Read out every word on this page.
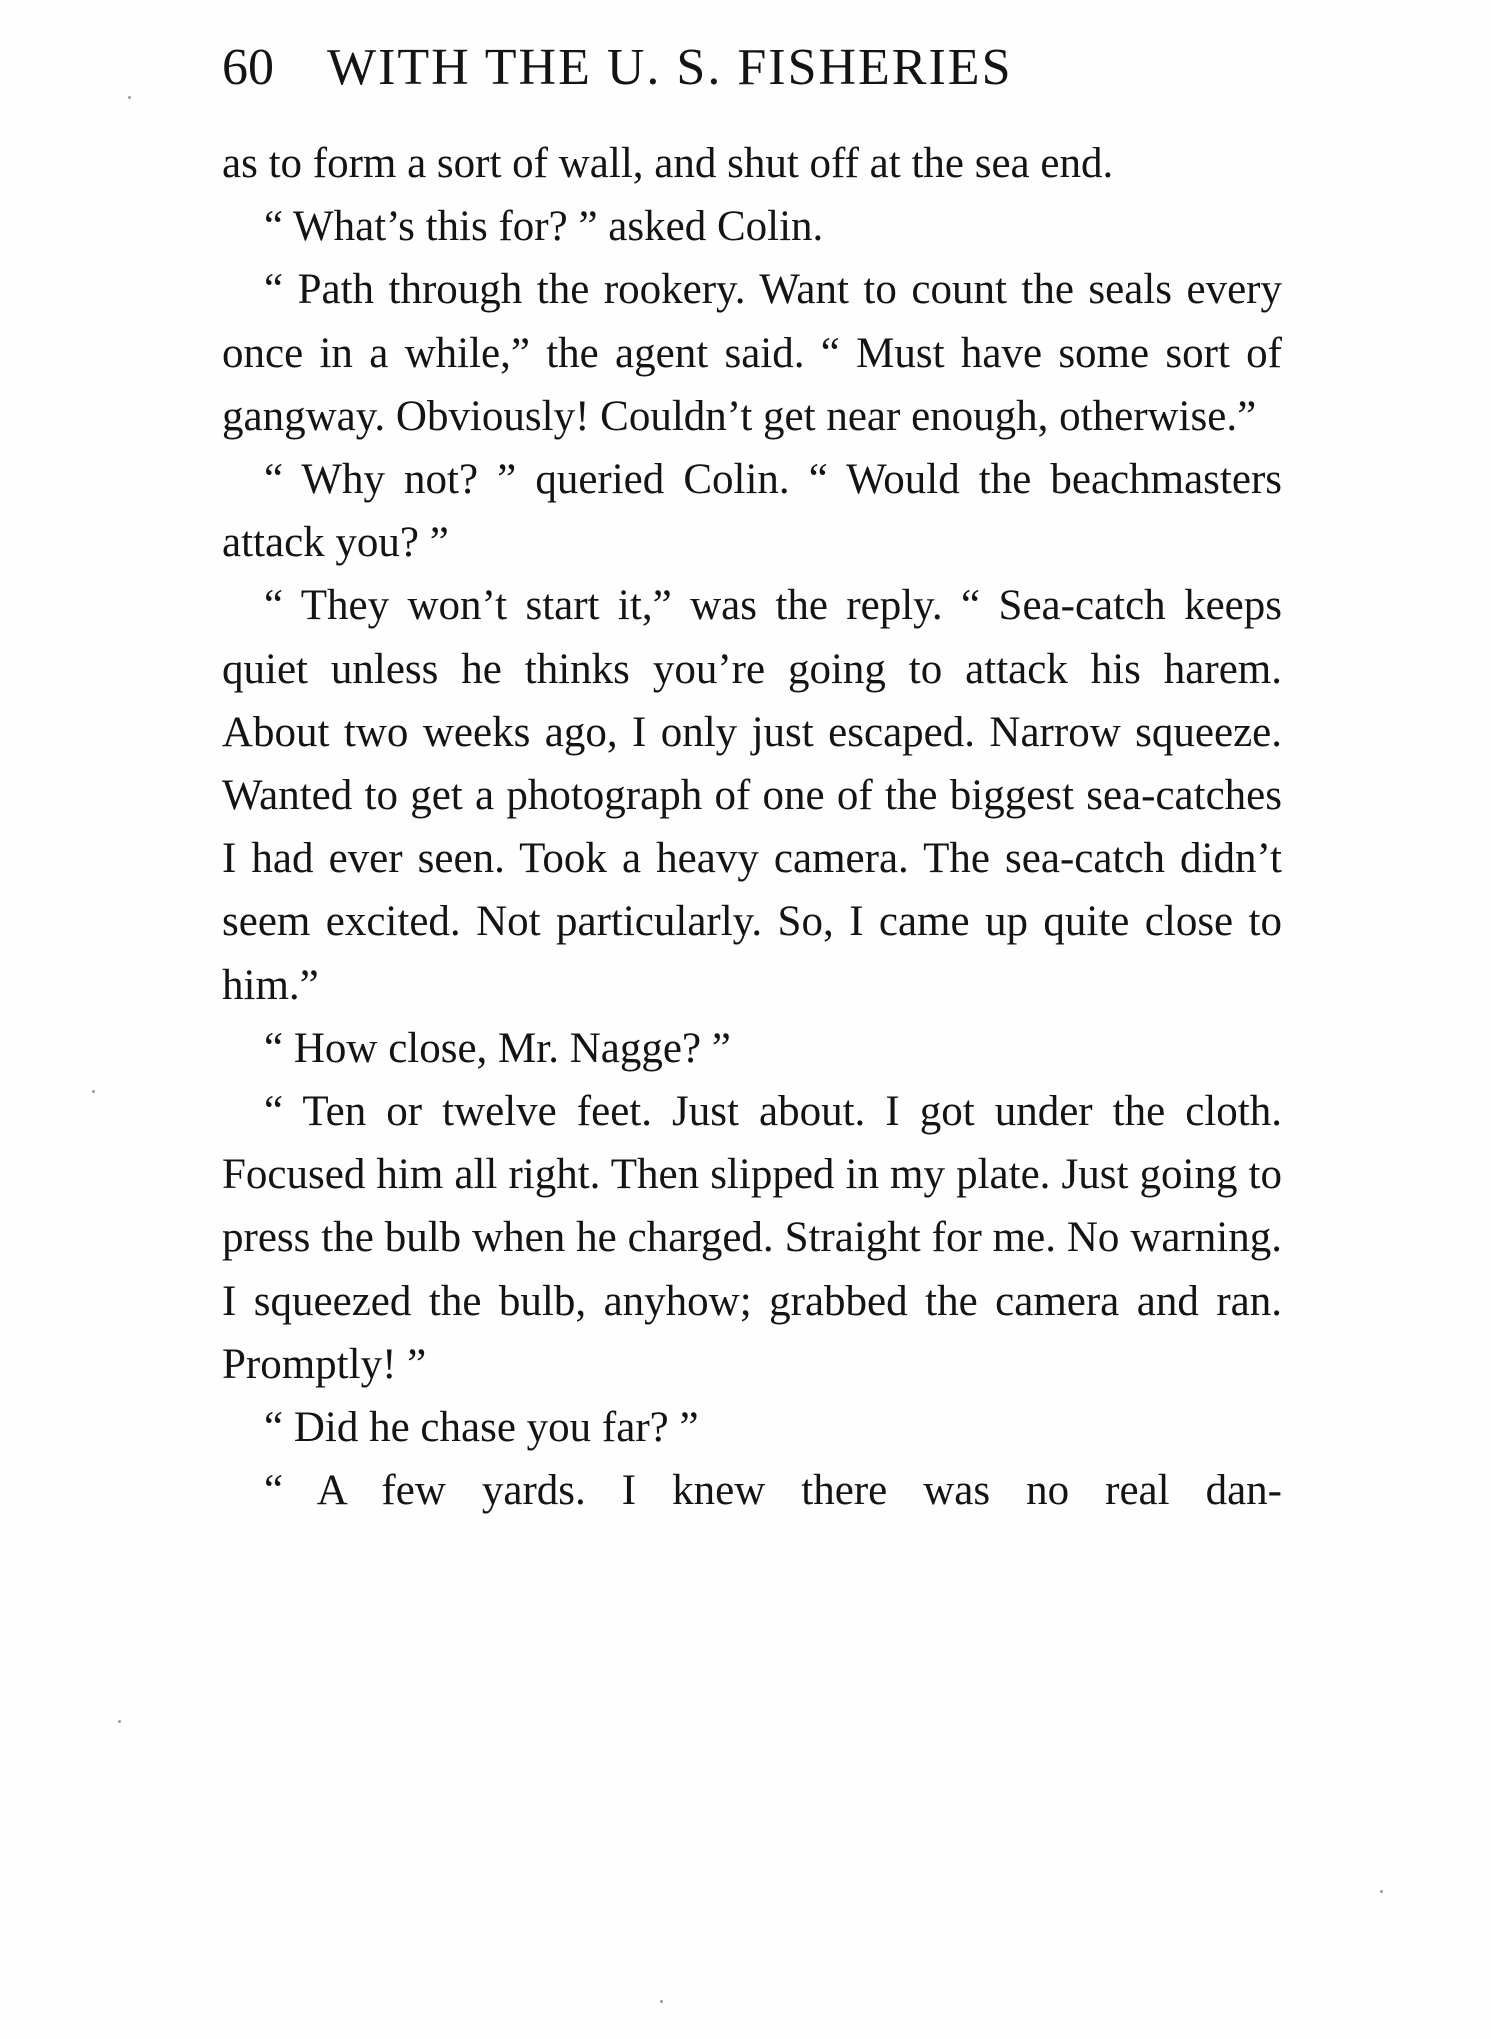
60 WITH THE U. S. FISHERIES

as to form a sort of wall, and shut off at the sea end.

“ What’s this for? ” asked Colin.

“ Path through the rookery. Want to count the seals every once in a while,” the agent said. “ Must have some sort of gangway. Obviously! Couldn’t get near enough, otherwise.”

“ Why not? ” queried Colin. “ Would the beachmasters attack you? ”

“ They won’t start it,” was the reply. “ Sea-catch keeps quiet unless he thinks you’re going to attack his harem. About two weeks ago, I only just escaped. Narrow squeeze. Wanted to get a photograph of one of the biggest sea-catches I had ever seen. Took a heavy camera. The sea-catch didn’t seem excited. Not particularly. So, I came up quite close to him.”

“ How close, Mr. Nagge? ”

“ Ten or twelve feet. Just about. I got under the cloth. Focused him all right. Then slipped in my plate. Just going to press the bulb when he charged. Straight for me. No warning. I squeezed the bulb, anyhow; grabbed the camera and ran. Promptly! ”

“ Did he chase you far? ”

“ A few yards. I knew there was no real dan-
